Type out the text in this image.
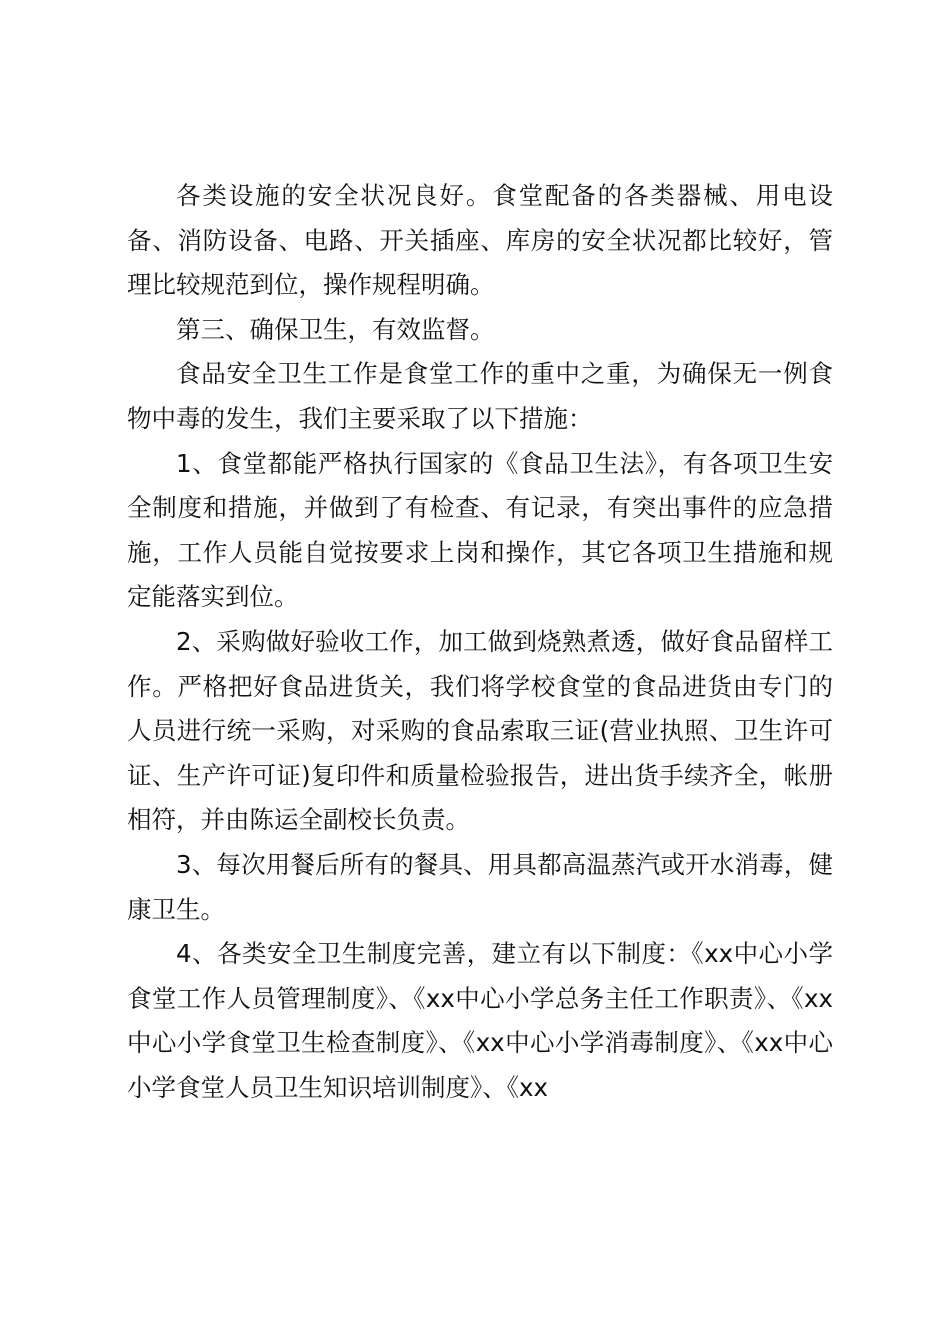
各类设施的安全状况良好。食堂配备的各类器械、用电设备、消防设备、电路、开关插座、库房的安全状况都比较好，管理比较规范到位，操作规程明确。

第三、确保卫生，有效监督。

食品安全卫生工作是食堂工作的重中之重，为确保无一例食物中毒的发生，我们主要采取了以下措施：

1、食堂都能严格执行国家的《食品卫生法》，有各项卫生安全制度和措施，并做到了有检查、有记录，有突出事件的应急措施，工作人员能自觉按要求上岗和操作，其它各项卫生措施和规定能落实到位。

2、采购做好验收工作，加工做到烧熟煮透，做好食品留样工作。严格把好食品进货关，我们将学校食堂的食品进货由专门的人员进行统一采购，对采购的食品索取三证(营业执照、卫生许可证、生产许可证)复印件和质量检验报告，进出货手续齐全，帐册相符，并由陈运全副校长负责。

3、每次用餐后所有的餐具、用具都高温蒸汽或开水消毒，健康卫生。

4、各类安全卫生制度完善，建立有以下制度：《xx中心小学食堂工作人员管理制度》、《xx中心小学总务主任工作职责》、《xx中心小学食堂卫生检查制度》、《xx中心小学消毒制度》、《xx中心小学食堂人员卫生知识培训制度》、《xx
